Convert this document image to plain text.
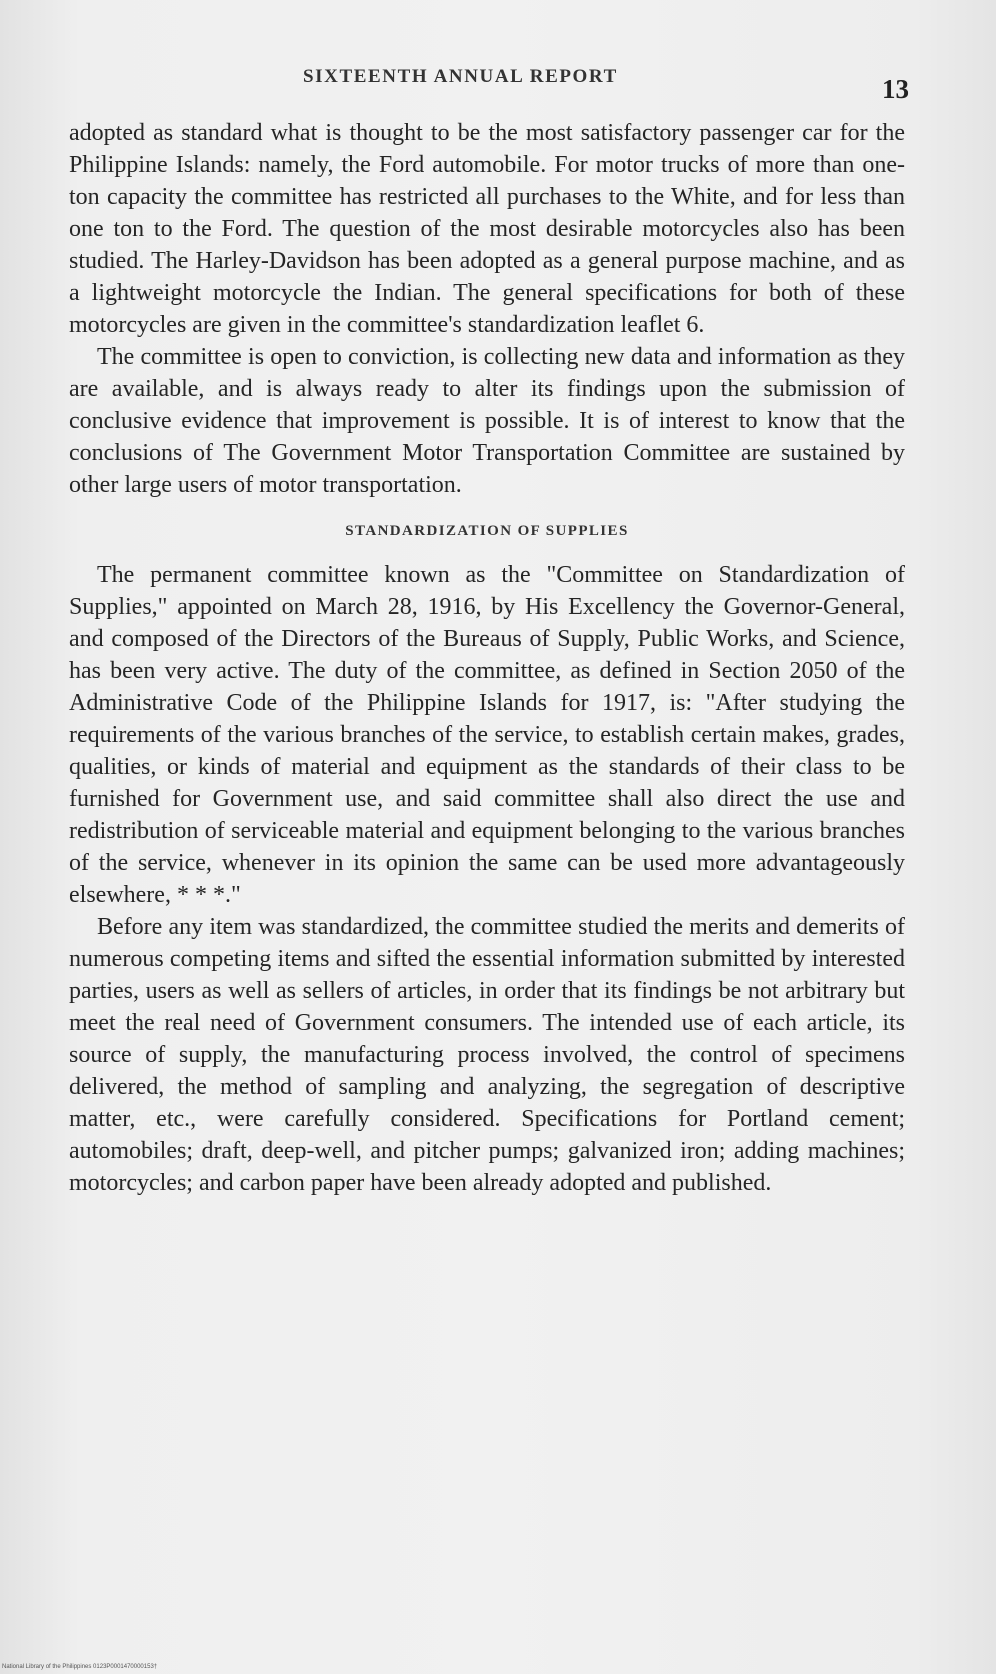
SIXTEENTH ANNUAL REPORT	13

adopted as standard what is thought to be the most satisfactory passenger car for the Philippine Islands: namely, the Ford automobile. For motor trucks of more than one-ton capacity the committee has restricted all purchases to the White, and for less than one ton to the Ford. The question of the most desirable motorcycles also has been studied. The Harley-Davidson has been adopted as a general purpose machine, and as a lightweight motorcycle the Indian. The general specifications for both of these motorcycles are given in the committee's standardization leaflet 6.

The committee is open to conviction, is collecting new data and information as they are available, and is always ready to alter its findings upon the submission of conclusive evidence that improvement is possible. It is of interest to know that the conclusions of The Government Motor Transportation Committee are sustained by other large users of motor transportation.

STANDARDIZATION OF SUPPLIES

The permanent committee known as the "Committee on Standardization of Supplies," appointed on March 28, 1916, by His Excellency the Governor-General, and composed of the Directors of the Bureaus of Supply, Public Works, and Science, has been very active. The duty of the committee, as defined in Section 2050 of the Administrative Code of the Philippine Islands for 1917, is: "After studying the requirements of the various branches of the service, to establish certain makes, grades, qualities, or kinds of material and equipment as the standards of their class to be furnished for Government use, and said committee shall also direct the use and redistribution of serviceable material and equipment belonging to the various branches of the service, whenever in its opinion the same can be used more advantageously elsewhere, * * *."

Before any item was standardized, the committee studied the merits and demerits of numerous competing items and sifted the essential information submitted by interested parties, users as well as sellers of articles, in order that its findings be not arbitrary but meet the real need of Government consumers. The intended use of each article, its source of supply, the manufacturing process involved, the control of specimens delivered, the method of sampling and analyzing, the segregation of descriptive matter, etc., were carefully considered. Specifications for Portland cement; automobiles; draft, deep-well, and pitcher pumps; galvanized iron; adding machines; motorcycles; and carbon paper have been already adopted and published.

National Library of the Philippines 0123P0001470000153†
